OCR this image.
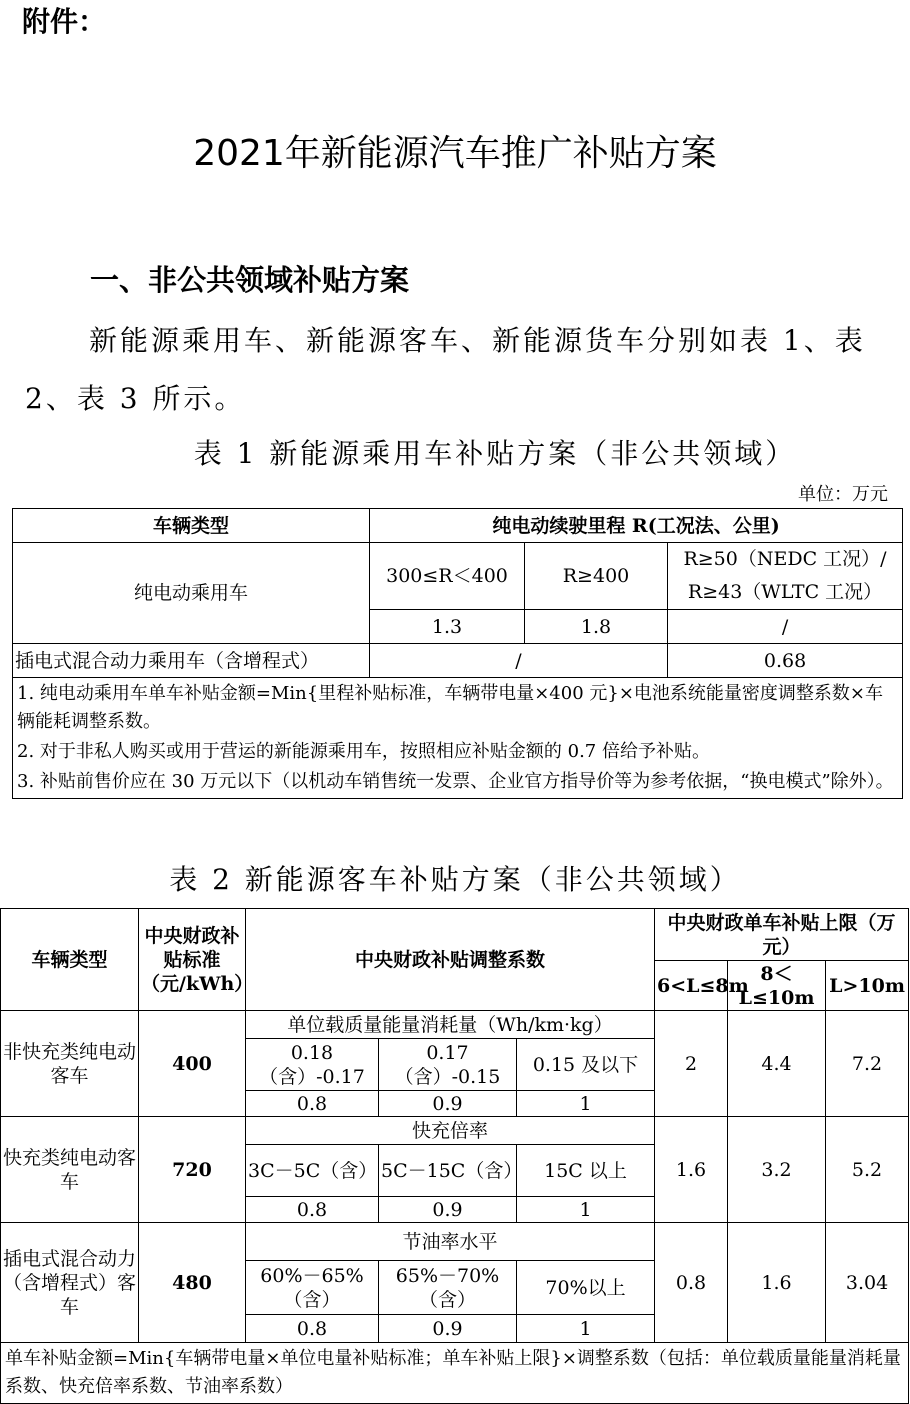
附件：
2021年新能源汽车推广补贴方案
一、非公共领域补贴方案
新能源乘用车、新能源客车、新能源货车分别如表 1、表 2、表 3 所示。
表 1 新能源乘用车补贴方案（非公共领域）
单位：万元
车辆类型	纯电动续驶里程 R(工况法、公里)		
纯电动乘用车	300≤R＜400	R≥400	R≥50（NEDC 工况）/
R≥43（WLTC 工况）

	1.3	1.8	/
插电式混合动力乘用车（含增程式）	/		0.68

1. 纯电动乘用车单车补贴金额=Min{里程补贴标准，车辆带电量×400 元}×电池系统能量密度调整系数×车辆能耗调整系数。
2. 对于非私人购买或用于营运的新能源乘用车，按照相应补贴金额的 0.7 倍给予补贴。
3. 补贴前售价应在 30 万元以下（以机动车销售统一发票、企业官方指导价等为参考依据，“换电模式”除外）。			
表 2 新能源客车补贴方案（非公共领域）
车辆类型	中央财政补贴标准（元/kWh）	中央财政补贴调整系数			中央财政单车补贴上限（万元）		
					6<L≤8m	8＜L≤10m	L>10m
非快充类纯电动客车	400	单位载质量能量消耗量（Wh/km·kg）			2	4.4	7.2
		0.18（含）-0.17	0.17（含）-0.15	0.15 及以下			
		0.8	0.9	1			
快充类纯电动客车	720	快充倍率			1.6	3.2	5.2
		3C－5C（含）	5C－15C（含）	15C 以上			
		0.8	0.9	1			
插电式混合动力（含增程式）客车	480	节油率水平			0.8	1.6	3.04
		60%－65%（含）	65%－70%（含）	70%以上			
		0.8	0.9	1			
单车补贴金额=Min{车辆带电量×单位电量补贴标准；单车补贴上限}×调整系数（包括：单位载质量能量消耗量系数、快充倍率系数、节油率系数）							
